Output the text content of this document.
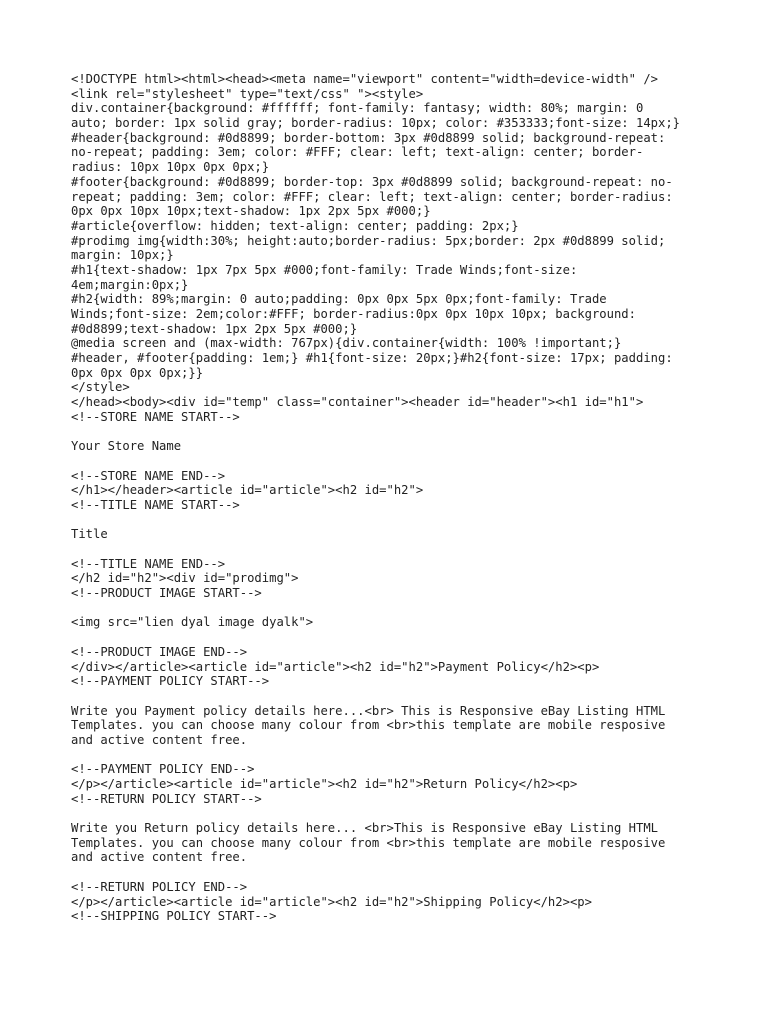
<!DOCTYPE html><html><head><meta name="viewport" content="width=device-width" />
<link rel="stylesheet" type="text/css" "><style>
div.container{background: #ffffff; font-family: fantasy; width: 80%; margin: 0
auto; border: 1px solid gray; border-radius: 10px; color: #353333;font-size: 14px;}
#header{background: #0d8899; border-bottom: 3px #0d8899 solid; background-repeat:
no-repeat; padding: 3em; color: #FFF; clear: left; text-align: center; border-
radius: 10px 10px 0px 0px;}
#footer{background: #0d8899; border-top: 3px #0d8899 solid; background-repeat: no-
repeat; padding: 3em; color: #FFF; clear: left; text-align: center; border-radius:
0px 0px 10px 10px;text-shadow: 1px 2px 5px #000;}
#article{overflow: hidden; text-align: center; padding: 2px;}
#prodimg img{width:30%; height:auto;border-radius: 5px;border: 2px #0d8899 solid;
margin: 10px;}
#h1{text-shadow: 1px 7px 5px #000;font-family: Trade Winds;font-size:
4em;margin:0px;}
#h2{width: 89%;margin: 0 auto;padding: 0px 0px 5px 0px;font-family: Trade
Winds;font-size: 2em;color:#FFF; border-radius:0px 0px 10px 10px; background:
#0d8899;text-shadow: 1px 2px 5px #000;}
@media screen and (max-width: 767px){div.container{width: 100% !important;}
#header, #footer{padding: 1em;} #h1{font-size: 20px;}#h2{font-size: 17px; padding:
0px 0px 0px 0px;}}
</style>
</head><body><div id="temp" class="container"><header id="header"><h1 id="h1">
<!--STORE NAME START-->
Your Store Name
<!--STORE NAME END-->
</h1></header><article id="article"><h2 id="h2">
<!--TITLE NAME START-->
Title
<!--TITLE NAME END-->
</h2 id="h2"><div id="prodimg">
<!--PRODUCT IMAGE START-->
<img src="lien dyal image dyalk">
<!--PRODUCT IMAGE END-->
</div></article><article id="article"><h2 id="h2">Payment Policy</h2><p>
<!--PAYMENT POLICY START-->
Write you Payment policy details here...<br> This is Responsive eBay Listing HTML
Templates. you can choose many colour from <br>this template are mobile resposive
and active content free.
<!--PAYMENT POLICY END-->
</p></article><article id="article"><h2 id="h2">Return Policy</h2><p>
<!--RETURN POLICY START-->
Write you Return policy details here... <br>This is Responsive eBay Listing HTML
Templates. you can choose many colour from <br>this template are mobile resposive
and active content free.
<!--RETURN POLICY END-->
</p></article><article id="article"><h2 id="h2">Shipping Policy</h2><p>
<!--SHIPPING POLICY START-->
